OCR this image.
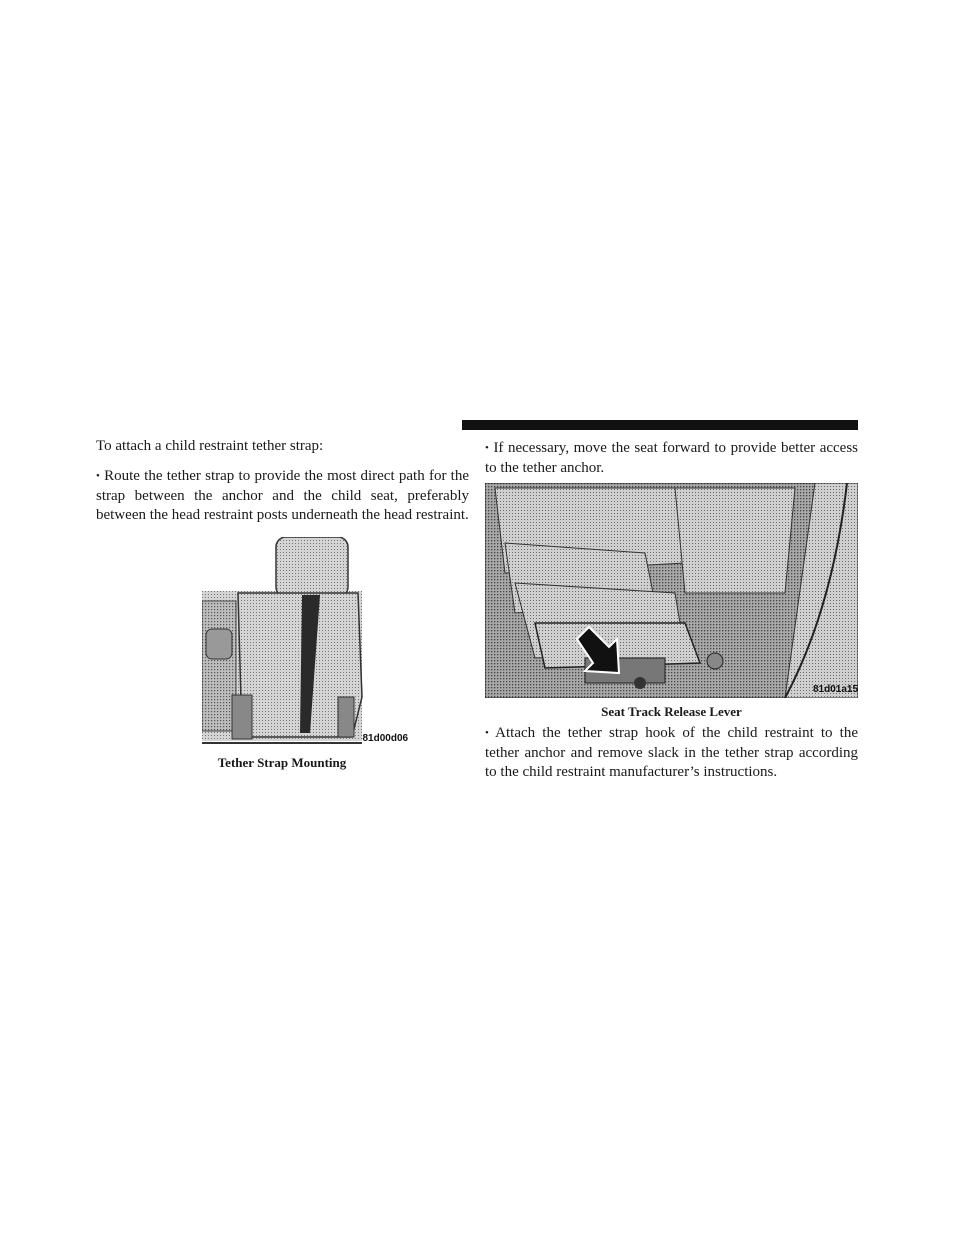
To attach a child restraint tether strap:

• Route the tether strap to provide the most direct path for the strap between the anchor and the child seat, preferably between the head restraint posts underneath the head restraint.

81d00d06
Tether Strap Mounting

• If necessary, move the seat forward to provide better access to the tether anchor.

81d01a15
Seat Track Release Lever

• Attach the tether strap hook of the child restraint to the tether anchor and remove slack in the tether strap according to the child restraint manufacturer’s instructions.
